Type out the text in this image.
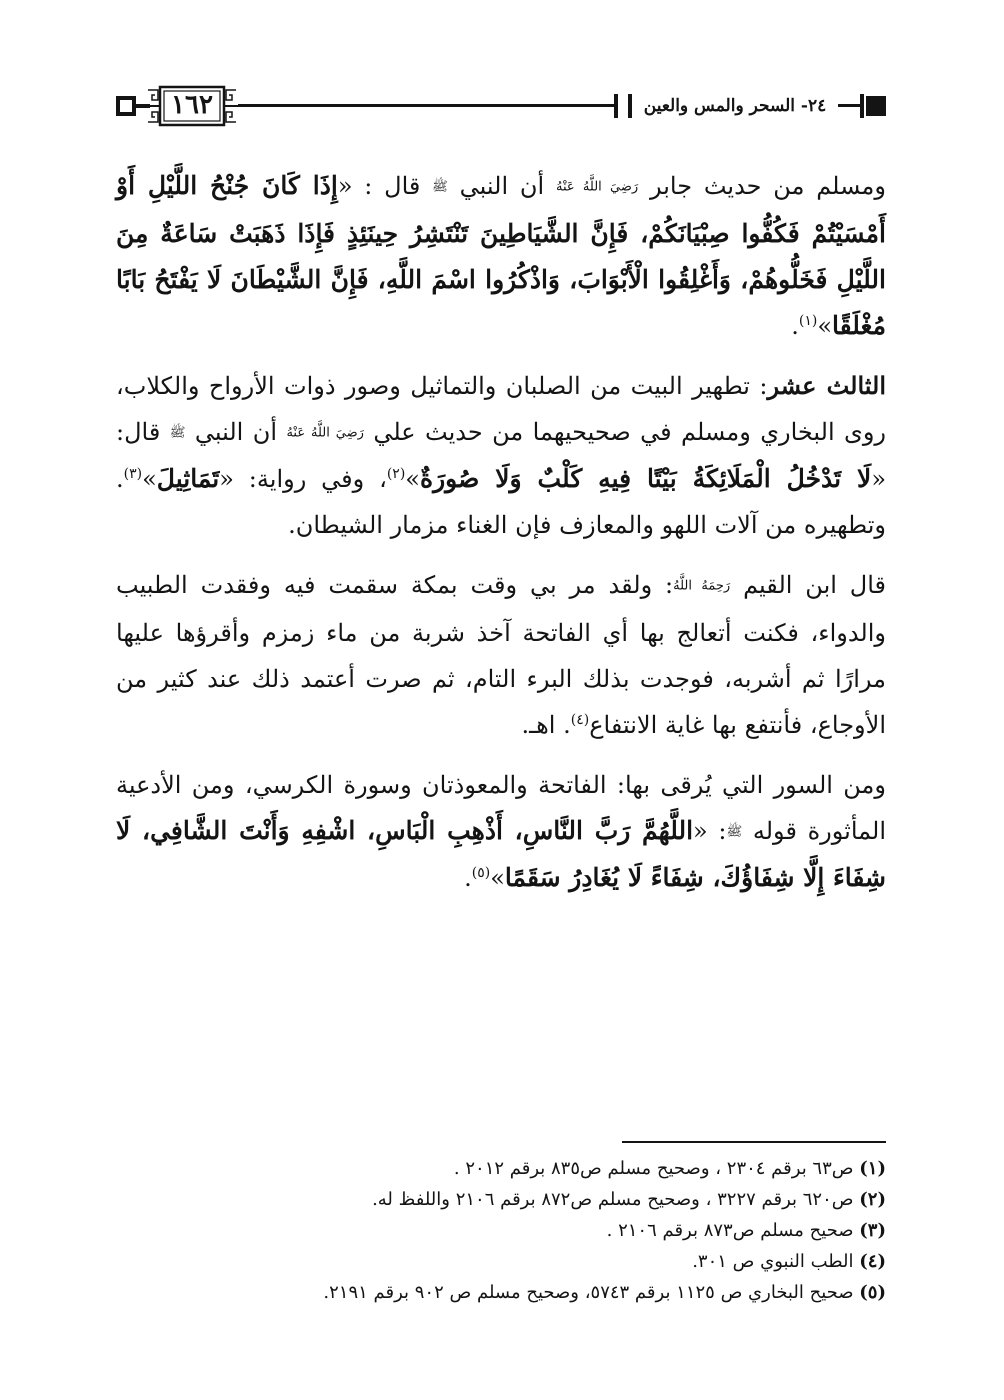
١٦٢	٢٤- السحر والمس والعين

ومسلم من حديث جابر رَضِيَ اللَّهُ عَنْهُ أن النبي ﷺ قال : «إِذَا كَانَ جُنْحُ اللَّيْلِ أَوْ أَمْسَيْتُمْ فَكُفُّوا صِبْيَانَكُمْ، فَإِنَّ الشَّيَاطِينَ تَنْتَشِرُ حِينَئِذٍ فَإِذَا ذَهَبَتْ سَاعَةٌ مِنَ اللَّيْلِ فَخَلُّوهُمْ، وَأَغْلِقُوا الْأَبْوَابَ، وَاذْكُرُوا اسْمَ اللَّهِ، فَإِنَّ الشَّيْطَانَ لَا يَفْتَحُ بَابًا مُغْلَقًا»$^{(١)}$.

الثالث عشر: تطهير البيت من الصلبان والتماثيل وصور ذوات الأرواح والكلاب، روى البخاري ومسلم في صحيحيهما من حديث علي رَضِيَ اللَّهُ عَنْهُ أن النبي ﷺ قال: «لَا تَدْخُلُ الْمَلَائِكَةُ بَيْتًا فِيهِ كَلْبٌ وَلَا صُورَةٌ»$^{(٢)}$، وفي رواية: «تَمَاثِيلَ»$^{(٣)}$. وتطهيره من آلات اللهو والمعازف فإن الغناء مزمار الشيطان.

قال ابن القيم رَحِمَهُ اللَّهُ: ولقد مر بي وقت بمكة سقمت فيه وفقدت الطبيب والدواء، فكنت أتعالج بها أي الفاتحة آخذ شربة من ماء زمزم وأقرؤها عليها مرارًا ثم أشربه، فوجدت بذلك البرء التام، ثم صرت أعتمد ذلك عند كثير من الأوجاع، فأنتفع بها غاية الانتفاع$^{(٤)}$. اهـ.

ومن السور التي يُرقى بها: الفاتحة والمعوذتان وسورة الكرسي، ومن الأدعية المأثورة قوله ﷺ: «اللَّهُمَّ رَبَّ النَّاسِ، أَذْهِبِ الْبَاسِ، اشْفِهِ وَأَنْتَ الشَّافِي، لَا شِفَاءَ إِلَّا شِفَاؤُكَ، شِفَاءً لَا يُغَادِرُ سَقَمًا»$^{(٥)}$.

(١) ص٦٣ برقم ٢٣٠٤ ، وصحيح مسلم ص٨٣٥ برقم ٢٠١٢ .

(٢) ص٦٢٠ برقم ٣٢٢٧ ، وصحيح مسلم ص٨٧٢ برقم ٢١٠٦ واللفظ له.

(٣) صحيح مسلم ص٨٧٣ برقم ٢١٠٦ .

(٤) الطب النبوي ص ٣٠١.

(٥) صحيح البخاري ص ١١٢٥ برقم ٥٧٤٣، وصحيح مسلم ص ٩٠٢ برقم ٢١٩١.
